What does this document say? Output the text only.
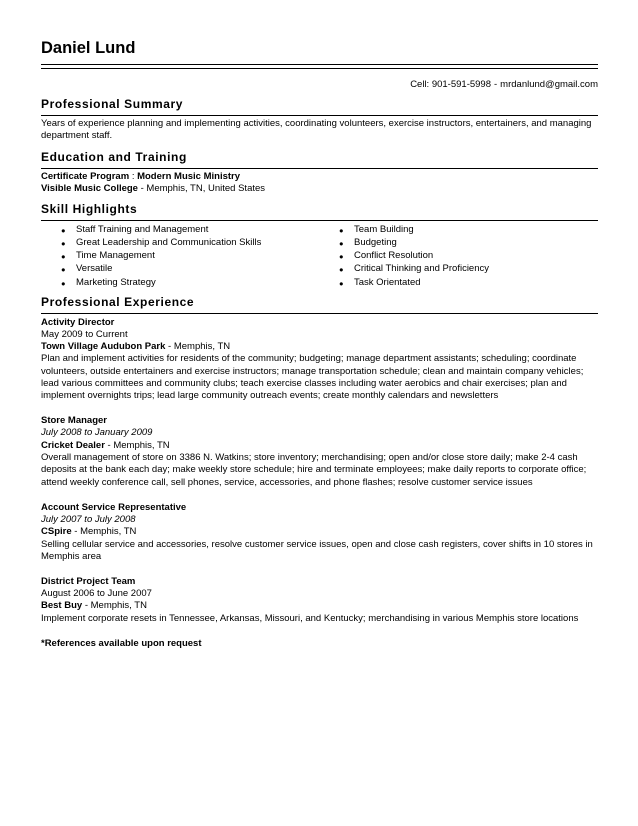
Daniel Lund
Cell: 901-591-5998 - mrdanlund@gmail.com
Professional Summary
Years of experience planning and implementing activities, coordinating volunteers, exercise instructors, entertainers, and managing department staff.
Education and Training
Certificate Program : Modern Music Ministry
Visible Music College - Memphis, TN, United States
Skill Highlights
● Staff Training and Management
● Great Leadership and Communication Skills
● Time Management
● Versatile
● Marketing Strategy
● Team Building
● Budgeting
● Conflict Resolution
● Critical Thinking and Proficiency
● Task Orientated
Professional Experience
Activity Director
May 2009 to Current
Town Village Audubon Park - Memphis, TN
Plan and implement activities for residents of the community; budgeting; manage department assistants; scheduling; coordinate volunteers, outside entertainers and exercise instructors; manage transportation schedule; clean and maintain company vehicles; lead various committees and community clubs; teach exercise classes including water aerobics and chair exercises; plan and implement overnights trips; lead large community outreach events; create monthly calendars and newsletters
Store Manager
July 2008 to January 2009
Cricket Dealer - Memphis, TN
Overall management of store on 3386 N. Watkins; store inventory; merchandising; open and/or close store daily; make 2-4 cash deposits at the bank each day; make weekly store schedule; hire and terminate employees; make daily reports to corporate office; attend weekly conference call, sell phones, service, accessories, and phone flashes; resolve customer service issues
Account Service Representative
July 2007 to July 2008
CSpire - Memphis, TN
Selling cellular service and accessories, resolve customer service issues, open and close cash registers, cover shifts in 10 stores in Memphis area
District Project Team
August 2006 to June 2007
Best Buy - Memphis, TN
Implement corporate resets in Tennessee, Arkansas, Missouri, and Kentucky; merchandising in various Memphis store locations
*References available upon request
